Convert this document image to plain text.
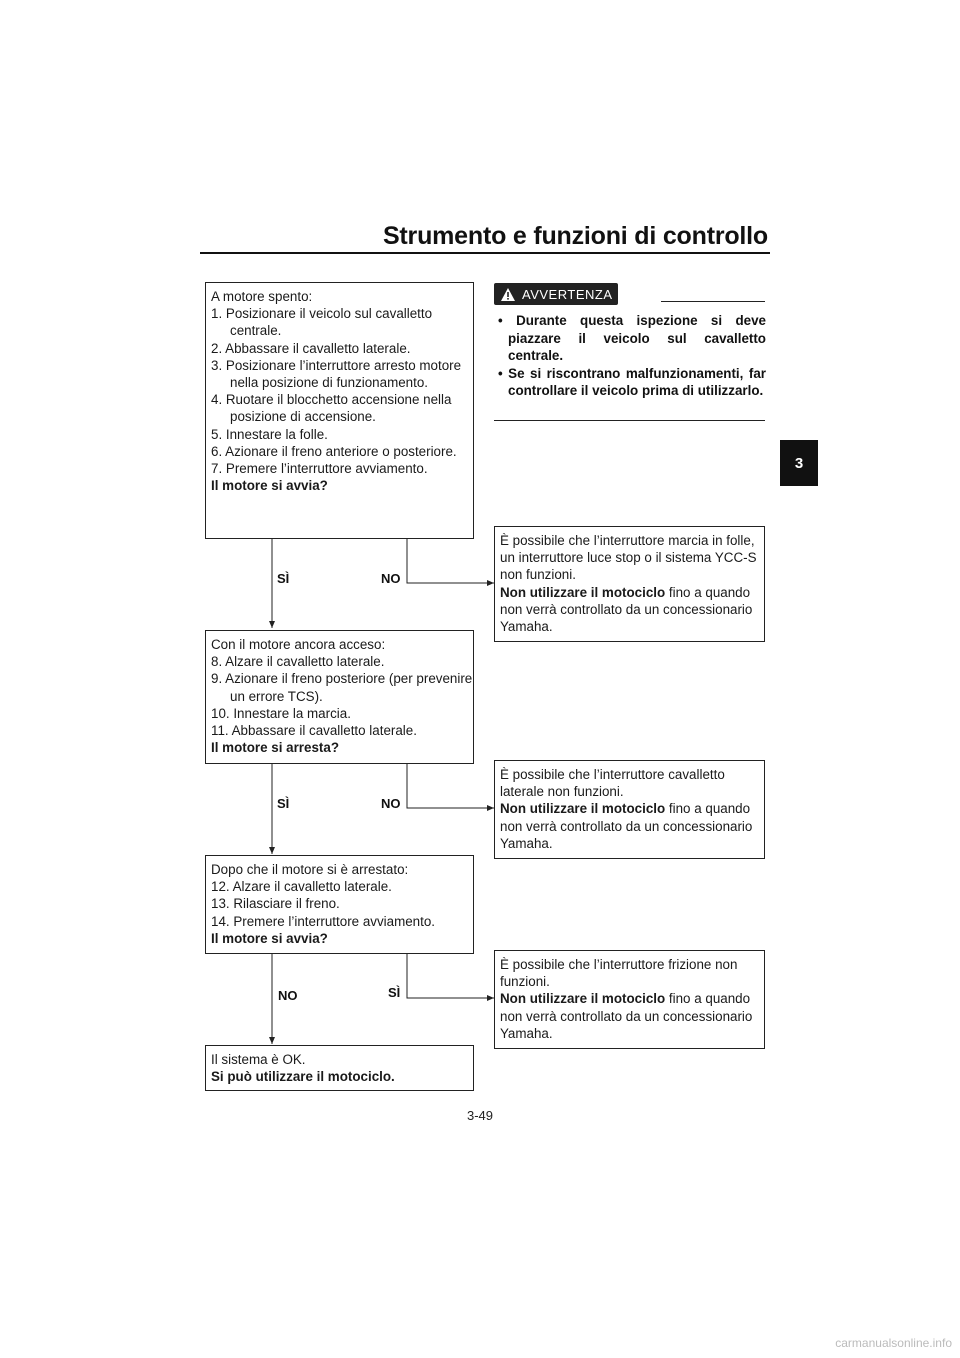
Strumento e funzioni di controllo
3
A motore spento:
1. Posizionare il veicolo sul cavalletto centrale.
2. Abbassare il cavalletto laterale.
3. Posizionare l’interruttore arresto motore nella posizione di funzionamento.
4. Ruotare il blocchetto accensione nella posizione di accensione.
5. Innestare la folle.
6. Azionare il freno anteriore o posteriore.
7. Premere l’interruttore avviamento.
Il motore si avvia?
Con il motore ancora acceso:
8. Alzare il cavalletto laterale.
9. Azionare il freno posteriore (per prevenire un errore TCS).
10. Innestare la marcia.
11. Abbassare il cavalletto laterale.
Il motore si arresta?
Dopo che il motore si è arrestato:
12. Alzare il cavalletto laterale.
13. Rilasciare il freno.
14. Premere l’interruttore avviamento.
Il motore si avvia?
Il sistema è OK.
Si può utilizzare il motociclo.
È possibile che l’interruttore marcia in folle, un interruttore luce stop o il sistema YCC-S non funzioni.
Non utilizzare il motociclo fino a quando non verrà controllato da un concessionario Yamaha.
È possibile che l’interruttore cavalletto laterale non funzioni.
Non utilizzare il motociclo fino a quando non verrà controllato da un concessionario Yamaha.
È possibile che l’interruttore frizione non funzioni.
Non utilizzare il motociclo fino a quando non verrà controllato da un concessionario Yamaha.
SÌ	NO
SÌ	NO
NO	SÌ
AVVERTENZA
• Durante questa ispezione si deve piazzare il veicolo sul cavalletto centrale.
• Se si riscontrano malfunzionamenti, far controllare il veicolo prima di utilizzarlo.
3-49
carmanualsonline.info
